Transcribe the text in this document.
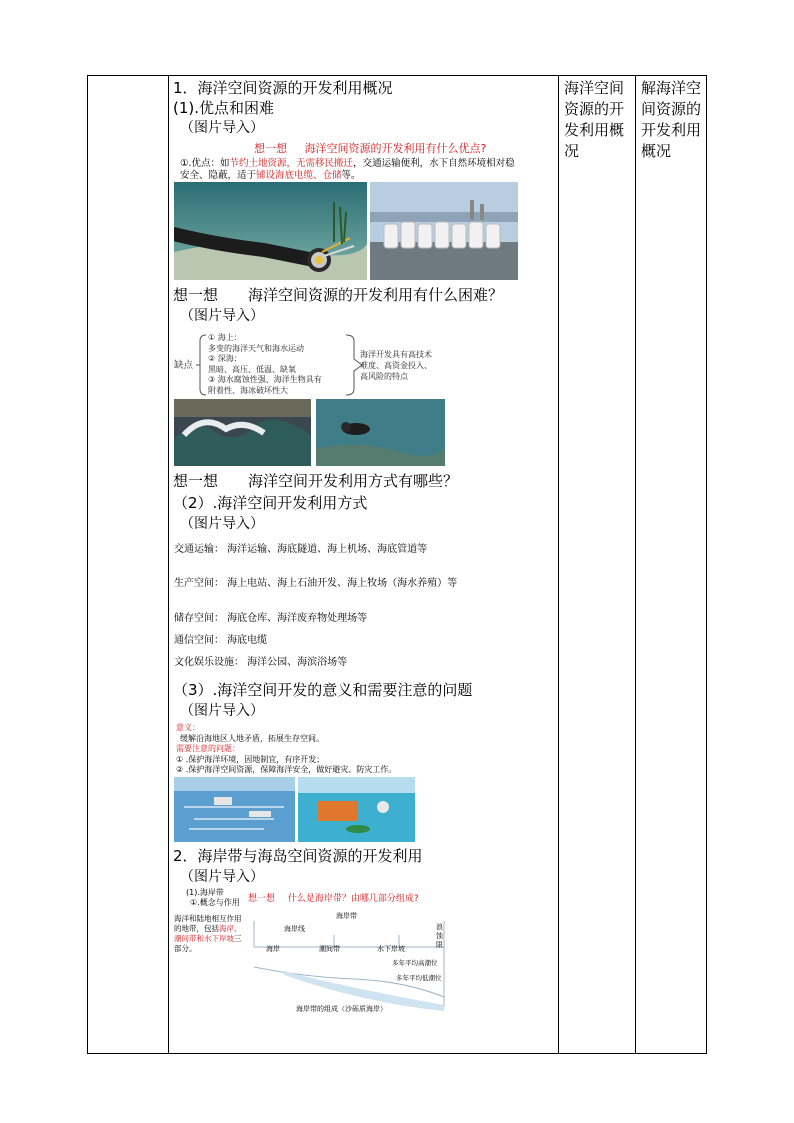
海洋空间资源的开发利用概况
解海洋空间资源的开发利用概况
1．海洋空间资源的开发利用概况
(1).优点和困难
（图片导入）
想一想 海洋空间资源的开发利用有什么优点?
①.优点：如节约土地资源，无需移民搬迁，交通运输便利，水下自然环境相对稳
安全、隐蔽，适于铺设海底电缆、仓储等。
想一想 海洋空间资源的开发利用有什么困难？
（图片导入）
缺点
① 海上：
多变的海洋天气和海水运动
② 深海：
黑暗、高压、低温、缺氧
③ 海水腐蚀性强、海洋生物具有
附着性、海冰破坏性大
海洋开发具有高技术
难度、高资金投入、
高风险的特点
想一想 海洋空间开发利用方式有哪些？
（2）.海洋空间开发利用方式
（图片导入）
交通运输： 海洋运输、海底隧道、海上机场、海底管道等
生产空间： 海上电站、海上石油开发、海上牧场（海水养殖）等
储存空间： 海底仓库、海洋废弃物处理场等
通信空间： 海底电缆
文化娱乐设施： 海洋公园、海滨浴场等
（3）.海洋空间开发的意义和需要注意的问题
（图片导入）
意义：
缓解沿海地区人地矛盾，拓展生存空间。
需要注意的问题：
① .保护海洋环境，因地制宜，有序开发；
② .保护海洋空间资源，保障海洋安全，做好避灾、防灾工作。
2．海岸带与海岛空间资源的开发利用
（图片导入）
(1).海岸带
①.概念与作用 想一想 什么是海岸带？由哪几部分组成?
海洋和陆地相互作用的地带，包括海岸、潮间带和水下岸坡三部分。
海岸带
海岸线
海岸	潮间带	水下岸坡
浪蚀
限
多年平均高潮位
多年平均低潮位
海岸带的组成（沙砾质海岸）
